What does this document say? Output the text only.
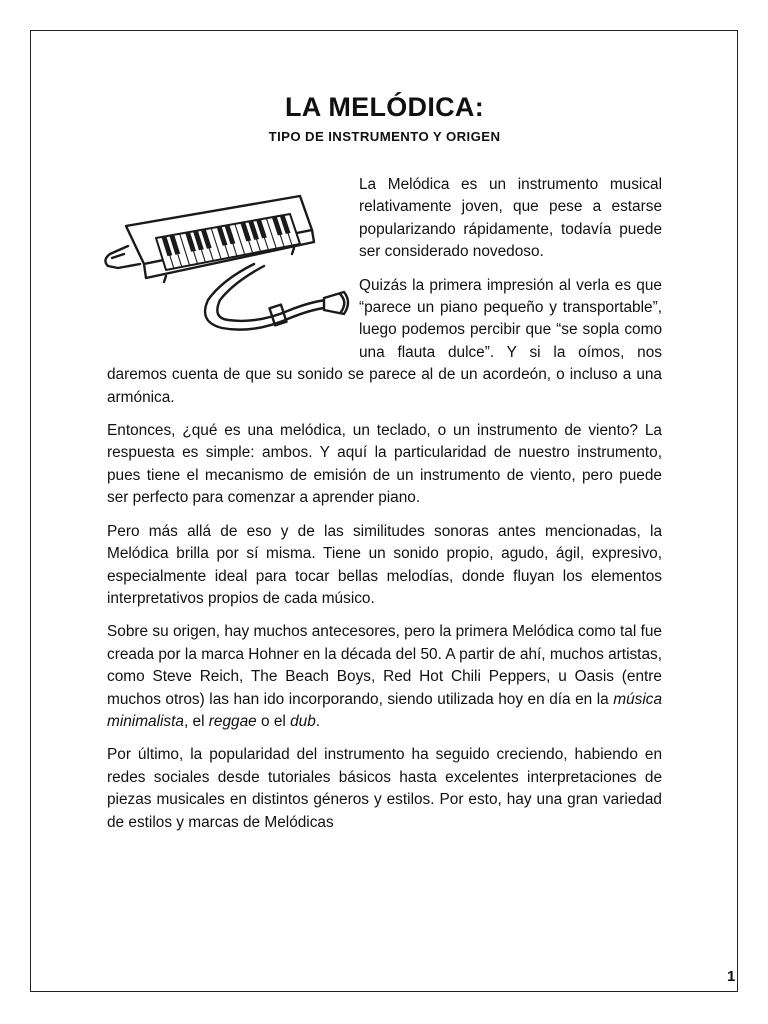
LA MELÓDICA:
TIPO DE INSTRUMENTO Y ORIGEN

La Melódica es un instrumento musical relativamente joven, que pese a estarse popularizando rápidamente, todavía puede ser considerado novedoso.

Quizás la primera impresión al verla es que “parece un piano pequeño y transportable”, luego podemos percibir que “se sopla como una flauta dulce”. Y si la oímos, nos daremos cuenta de que su sonido se parece al de un acordeón, o incluso a una armónica.

Entonces, ¿qué es una melódica, un teclado, o un instrumento de viento? La respuesta es simple: ambos. Y aquí la particularidad de nuestro instrumento, pues tiene el mecanismo de emisión de un instrumento de viento, pero puede ser perfecto para comenzar a aprender piano.

Pero más allá de eso y de las similitudes sonoras antes mencionadas, la Melódica brilla por sí misma. Tiene un sonido propio, agudo, ágil, expresivo, especialmente ideal para tocar bellas melodías, donde fluyan los elementos interpretativos propios de cada músico.

Sobre su origen, hay muchos antecesores, pero la primera Melódica como tal fue creada por la marca Hohner en la década del 50. A partir de ahí, muchos artistas, como Steve Reich, The Beach Boys, Red Hot Chili Peppers, u Oasis (entre muchos otros) las han ido incorporando, siendo utilizada hoy en día en la música minimalista, el reggae o el dub.

Por último, la popularidad del instrumento ha seguido creciendo, habiendo en redes sociales desde tutoriales básicos hasta excelentes interpretaciones de piezas musicales en distintos géneros y estilos. Por esto, hay una gran variedad de estilos y marcas de Melódicas

1
